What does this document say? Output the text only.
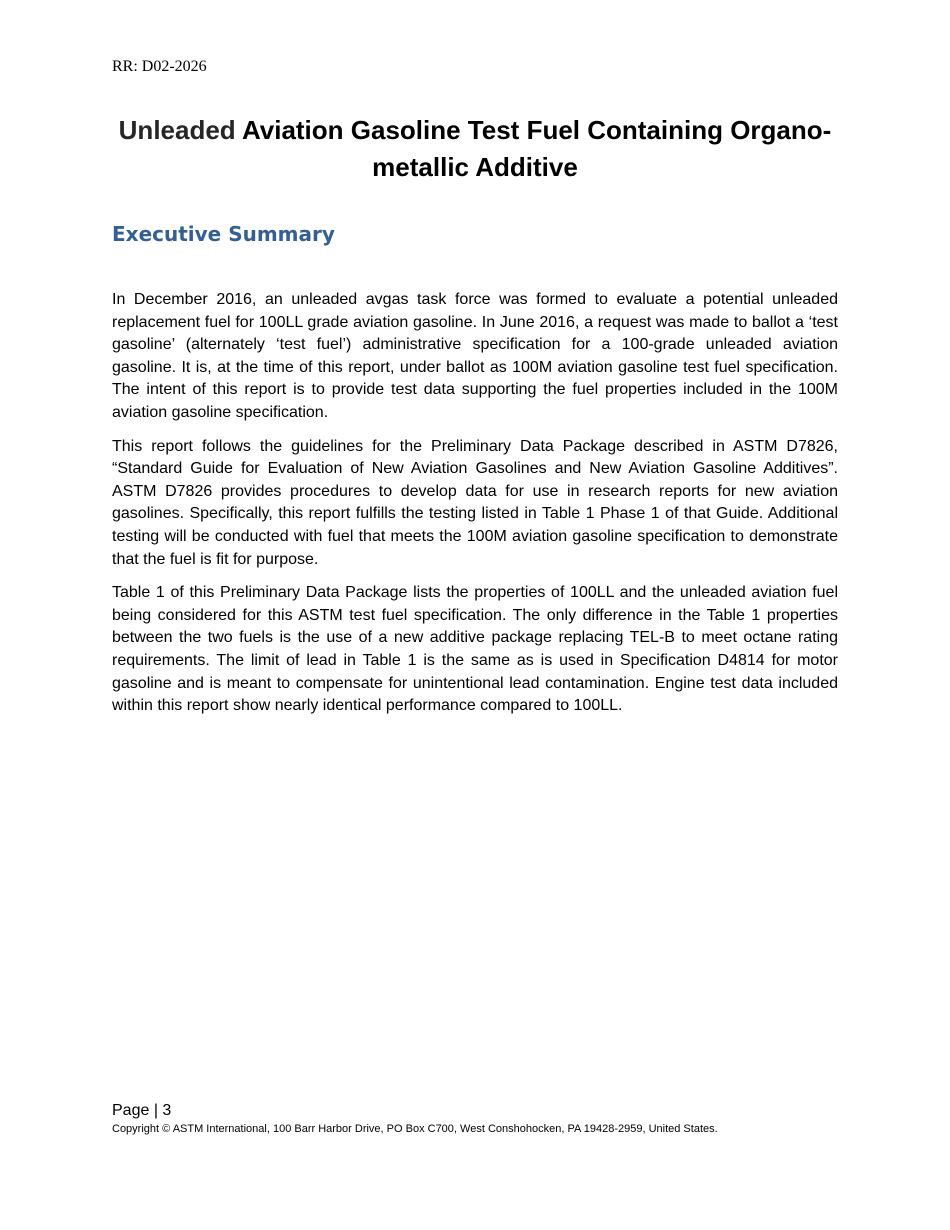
RR: D02-2026
Unleaded Aviation Gasoline Test Fuel Containing Organo-metallic Additive
Executive Summary

In December 2016, an unleaded avgas task force was formed to evaluate a potential unleaded replacement fuel for 100LL grade aviation gasoline. In June 2016, a request was made to ballot a ‘test gasoline’ (alternately ‘test fuel’) administrative specification for a 100-grade unleaded aviation gasoline. It is, at the time of this report, under ballot as 100M aviation gasoline test fuel specification. The intent of this report is to provide test data supporting the fuel properties included in the 100M aviation gasoline specification.

This report follows the guidelines for the Preliminary Data Package described in ASTM D7826, “Standard Guide for Evaluation of New Aviation Gasolines and New Aviation Gasoline Additives”. ASTM D7826 provides procedures to develop data for use in research reports for new aviation gasolines. Specifically, this report fulfills the testing listed in Table 1 Phase 1 of that Guide. Additional testing will be conducted with fuel that meets the 100M aviation gasoline specification to demonstrate that the fuel is fit for purpose.

Table 1 of this Preliminary Data Package lists the properties of 100LL and the unleaded aviation fuel being considered for this ASTM test fuel specification. The only difference in the Table 1 properties between the two fuels is the use of a new additive package replacing TEL-B to meet octane rating requirements. The limit of lead in Table 1 is the same as is used in Specification D4814 for motor gasoline and is meant to compensate for unintentional lead contamination. Engine test data included within this report show nearly identical performance compared to 100LL.

Page | 3
Copyright © ASTM International, 100 Barr Harbor Drive, PO Box C700, West Conshohocken, PA 19428-2959, United States.
